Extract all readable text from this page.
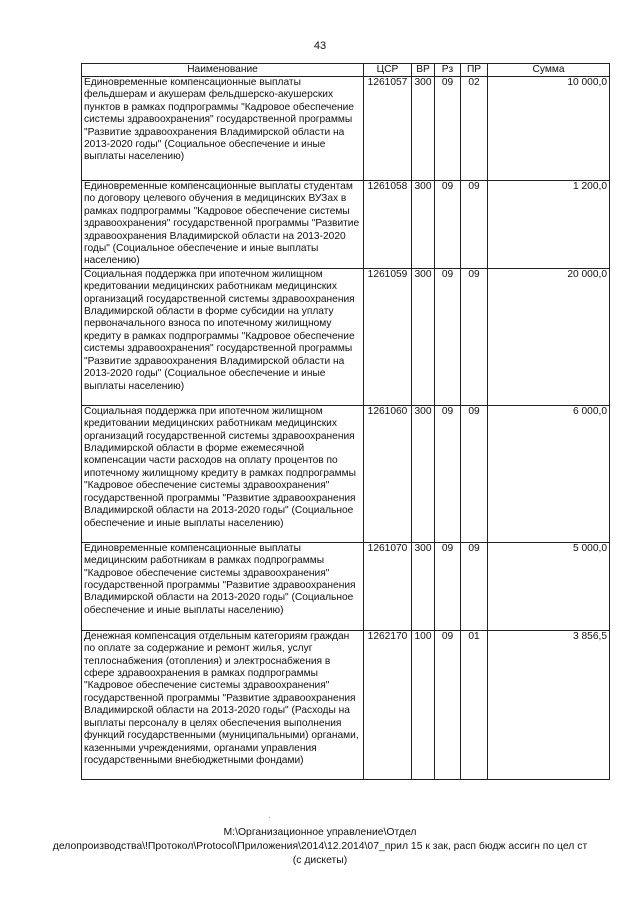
43
Наименование	ЦСР	ВР	Рз	ПР	Сумма
Единовременные компенсационные выплаты фельдшерам и акушерам фельдшерско-акушерских пунктов в рамках подпрограммы "Кадровое обеспечение системы здравоохранения" государственной программы "Развитие здравоохранения Владимирской области на 2013-2020 годы" (Социальное обеспечение и иные выплаты населению)	1261057	300	09	02	10 000,0
Единовременные компенсационные выплаты студентам по договору целевого обучения в медицинских ВУЗах в рамках подпрограммы "Кадровое обеспечение системы здравоохранения" государственной программы "Развитие здравоохранения Владимирской области на 2013-2020 годы" (Социальное обеспечение и иные выплаты населению)	1261058	300	09	09	1 200,0
Социальная поддержка при ипотечном жилищном кредитовании медицинских работникам медицинских организаций государственной системы здравоохранения Владимирской области в форме субсидии на уплату первоначального взноса по ипотечному жилищному кредиту в рамках подпрограммы "Кадровое обеспечение системы здравоохранения" государственной программы "Развитие здравоохранения Владимирской области на 2013-2020 годы" (Социальное обеспечение и иные выплаты населению)	1261059	300	09	09	20 000,0
Социальная поддержка при ипотечном жилищном кредитовании медицинских работникам медицинских организаций государственной системы здравоохранения Владимирской области в форме ежемесячной компенсации части расходов на оплату процентов по ипотечному жилищному кредиту в рамках подпрограммы "Кадровое обеспечение системы здравоохранения" государственной программы "Развитие здравоохранения Владимирской области на 2013-2020 годы" (Социальное обеспечение и иные выплаты населению)	1261060	300	09	09	6 000,0
Единовременные компенсационные выплаты медицинским работникам в рамках подпрограммы "Кадровое обеспечение системы здравоохранения" государственной программы "Развитие здравоохранения Владимирской области на 2013-2020 годы" (Социальное обеспечение и иные выплаты населению)	1261070	300	09	09	5 000,0
Денежная компенсация отдельным категориям граждан по оплате за содержание и ремонт жилья, услуг теплоснабжения (отопления) и электроснабжения в сфере здравоохранения в рамках подпрограммы "Кадровое обеспечение системы здравоохранения" государственной программы "Развитие здравоохранения Владимирской области на 2013-2020 годы" (Расходы на выплаты персоналу в целях обеспечения выполнения функций государственными (муниципальными) органами, казенными учреждениями, органами управления государственными внебюджетными фондами)	1262170	100	09	01	3 856,5
·
M:\Организационное управление\Отдел
делопроизводства\!Протокол\Protocol\Приложения\2014\12.2014\07_прил 15 к зак, расп бюдж ассигн по цел ст
(с дискеты)
